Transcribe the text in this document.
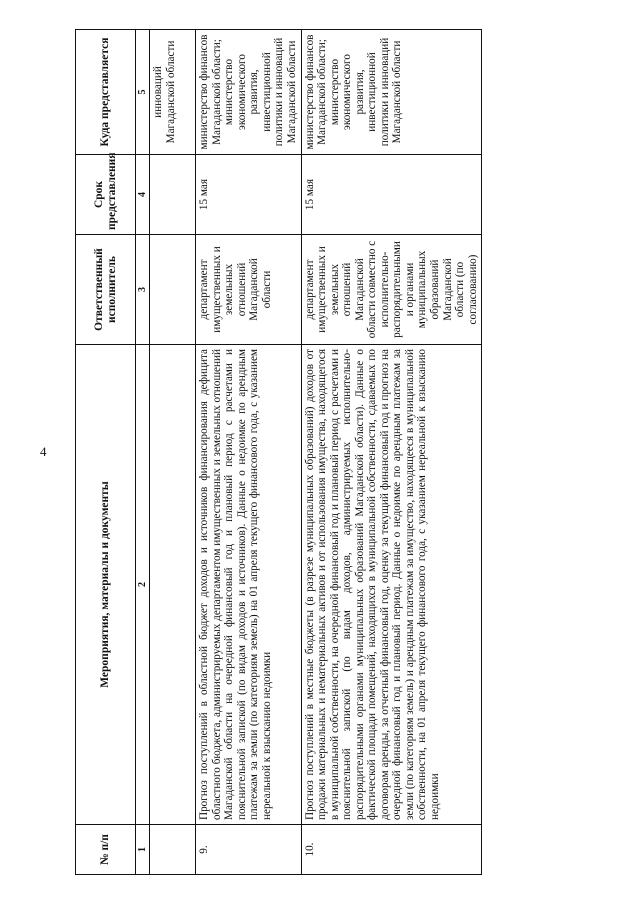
4
№ п/п	Мероприятия, материалы и документы	Ответственный исполнитель	Срок представления	Куда представляется
1	2	3	4	5
				инноваций Магаданской области
9.	Прогноз поступлений в областной бюджет доходов и источников финансирования дефицита областного бюджета, администрируемых департаментом имущественных и земельных отношений Магаданской области на очередной финансовый год и плановый период с расчетами и пояснительной запиской (по видам доходов и источников). Данные о недоимке по арендным платежам за земли (по категориям земель) на 01 апреля текущего финансового года, с указанием нереальной к взысканию недоимки	департамент имущественных и земельных отношений Магаданской области	15 мая	министерство финансов Магаданской области; министерство экономического развития, инвестиционной политики и инноваций Магаданской области
10.	Прогноз поступлений в местные бюджеты (в разрезе муниципальных образований) доходов от продажи материальных и нематериальных активов и от использования имущества, находящегося в муниципальной собственности, на очередной финансовый год и плановый период с расчетами и пояснительной запиской (по видам доходов, администрируемых исполнительно-распорядительными органами муниципальных образований Магаданской области). Данные о фактической площади помещений, находящихся в муниципальной собственности, сдаваемых по договорам аренды, за отчетный финансовый год, оценку за текущий финансовый год и прогноз на очередной финансовый год и плановый период. Данные о недоимке по арендным платежам за земли (по категориям земель) и арендным платежам за имущество, находящееся в муниципальной собственности, на 01 апреля текущего финансового года, с указанием нереальной к взысканию недоимки	департамент имущественных и земельных отношений Магаданской области совместно с исполнительно-распорядительными и органами муниципальных образований Магаданской области (по согласованию)	15 мая	министерство финансов Магаданской области; министерство экономического развития, инвестиционной политики и инноваций Магаданской области
